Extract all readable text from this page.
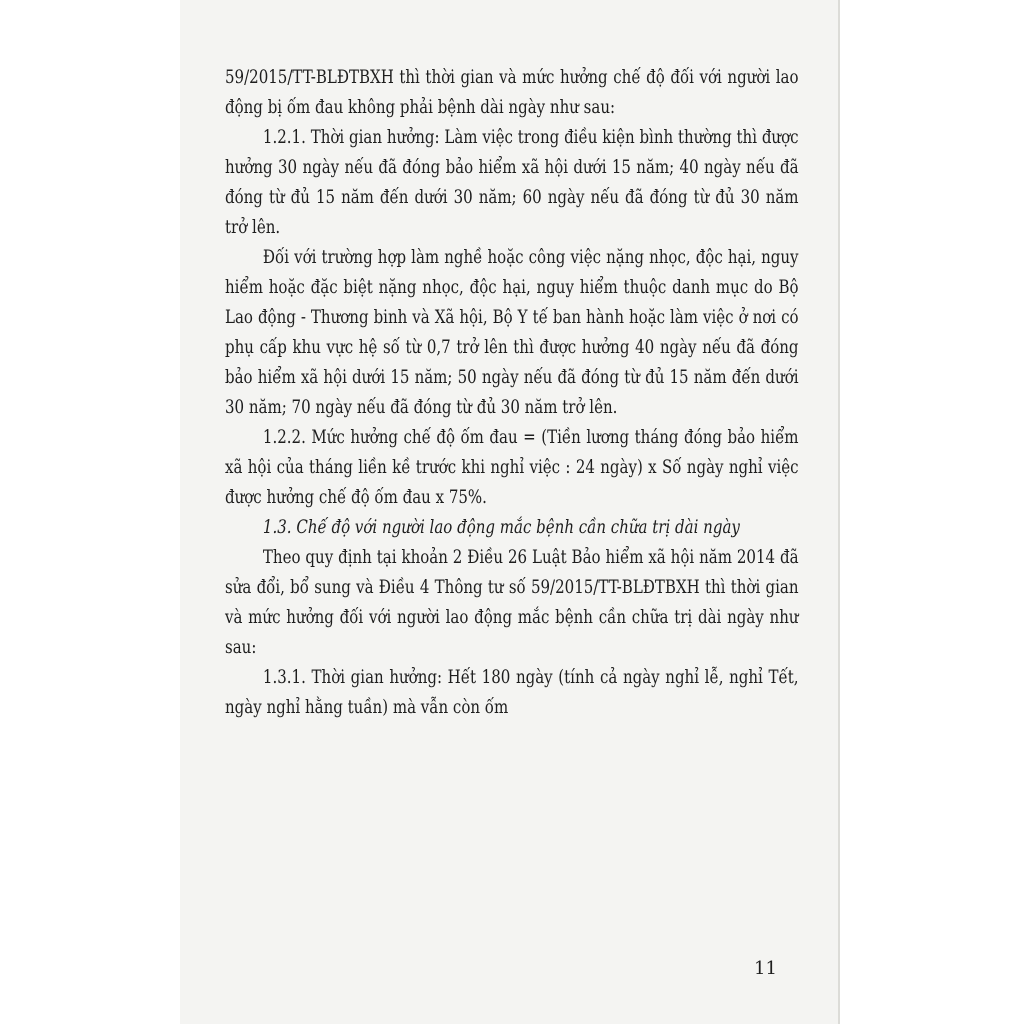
59/2015/TT-BLĐTBXH thì thời gian và mức hưởng chế độ đối với người lao động bị ốm đau không phải bệnh dài ngày như sau:

1.2.1. Thời gian hưởng: Làm việc trong điều kiện bình thường thì được hưởng 30 ngày nếu đã đóng bảo hiểm xã hội dưới 15 năm; 40 ngày nếu đã đóng từ đủ 15 năm đến dưới 30 năm; 60 ngày nếu đã đóng từ đủ 30 năm trở lên.

Đối với trường hợp làm nghề hoặc công việc nặng nhọc, độc hại, nguy hiểm hoặc đặc biệt nặng nhọc, độc hại, nguy hiểm thuộc danh mục do Bộ Lao động - Thương binh và Xã hội, Bộ Y tế ban hành hoặc làm việc ở nơi có phụ cấp khu vực hệ số từ 0,7 trở lên thì được hưởng 40 ngày nếu đã đóng bảo hiểm xã hội dưới 15 năm; 50 ngày nếu đã đóng từ đủ 15 năm đến dưới 30 năm; 70 ngày nếu đã đóng từ đủ 30 năm trở lên.

1.2.2. Mức hưởng chế độ ốm đau = (Tiền lương tháng đóng bảo hiểm xã hội của tháng liền kề trước khi nghỉ việc : 24 ngày) x Số ngày nghỉ việc được hưởng chế độ ốm đau x 75%.

1.3. Chế độ với người lao động mắc bệnh cần chữa trị dài ngày

Theo quy định tại khoản 2 Điều 26 Luật Bảo hiểm xã hội năm 2014 đã sửa đổi, bổ sung và Điều 4 Thông tư số 59/2015/TT-BLĐTBXH thì thời gian và mức hưởng đối với người lao động mắc bệnh cần chữa trị dài ngày như sau:

1.3.1. Thời gian hưởng: Hết 180 ngày (tính cả ngày nghỉ lễ, nghỉ Tết, ngày nghỉ hằng tuần) mà vẫn còn ốm

11
